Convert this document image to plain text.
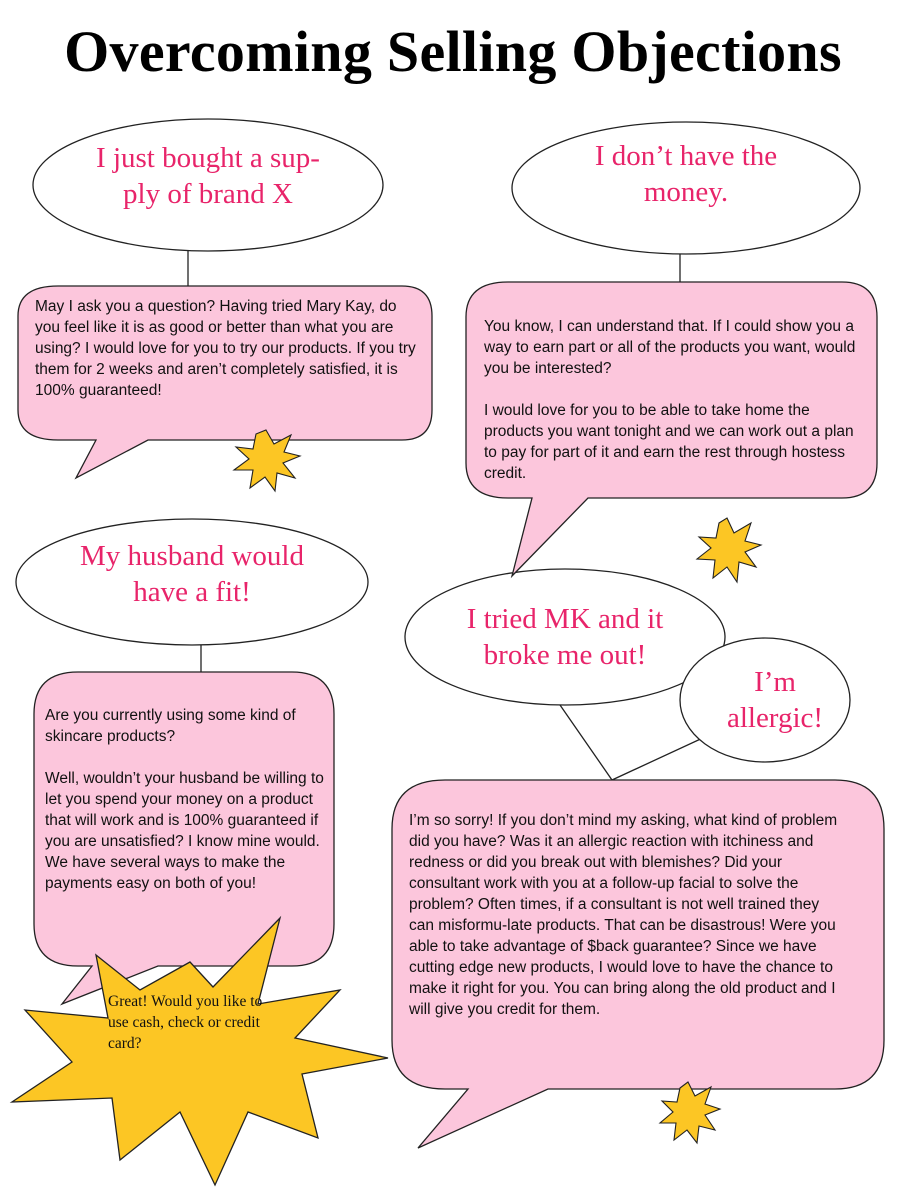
Overcoming Selling Objections
I just bought a sup-
ply of brand X
I don’t have the
money.
My husband would
have a fit!
I tried MK and it
broke me out!
I’m
allergic!

May I ask you a question? Having tried Mary Kay, do you feel like it is as good or better than what you are using? I would love for you to try our products. If you try them for 2 weeks and aren’t completely satisfied, it is 100% guaranteed!

You know, I can understand that. If I could show you a way to earn part or all of the products you want, would you be interested?

I would love for you to be able to take home the products you want tonight and we can work out a plan to pay for part of it and earn the rest through hostess credit.

Are you currently using some kind of skincare products?

Well, wouldn’t your husband be willing to let you spend your money on a product that will work and is 100% guaranteed if you are unsatisfied? I know mine would. We have several ways to make the payments easy on both of you!

I’m so sorry! If you don’t mind my asking, what kind of problem did you have? Was it an allergic reaction with itchiness and redness or did you break out with blemishes? Did your consultant work with you at a follow-up facial to solve the problem? Often times, if a consultant is not well trained they can misformu-late products. That can be disastrous! Were you able to take advantage of $back guarantee? Since we have cutting edge new products, I would love to have the chance to make it right for you. You can bring along the old product and I will give you credit for them.

Great! Would you like to use cash, check or credit card?
